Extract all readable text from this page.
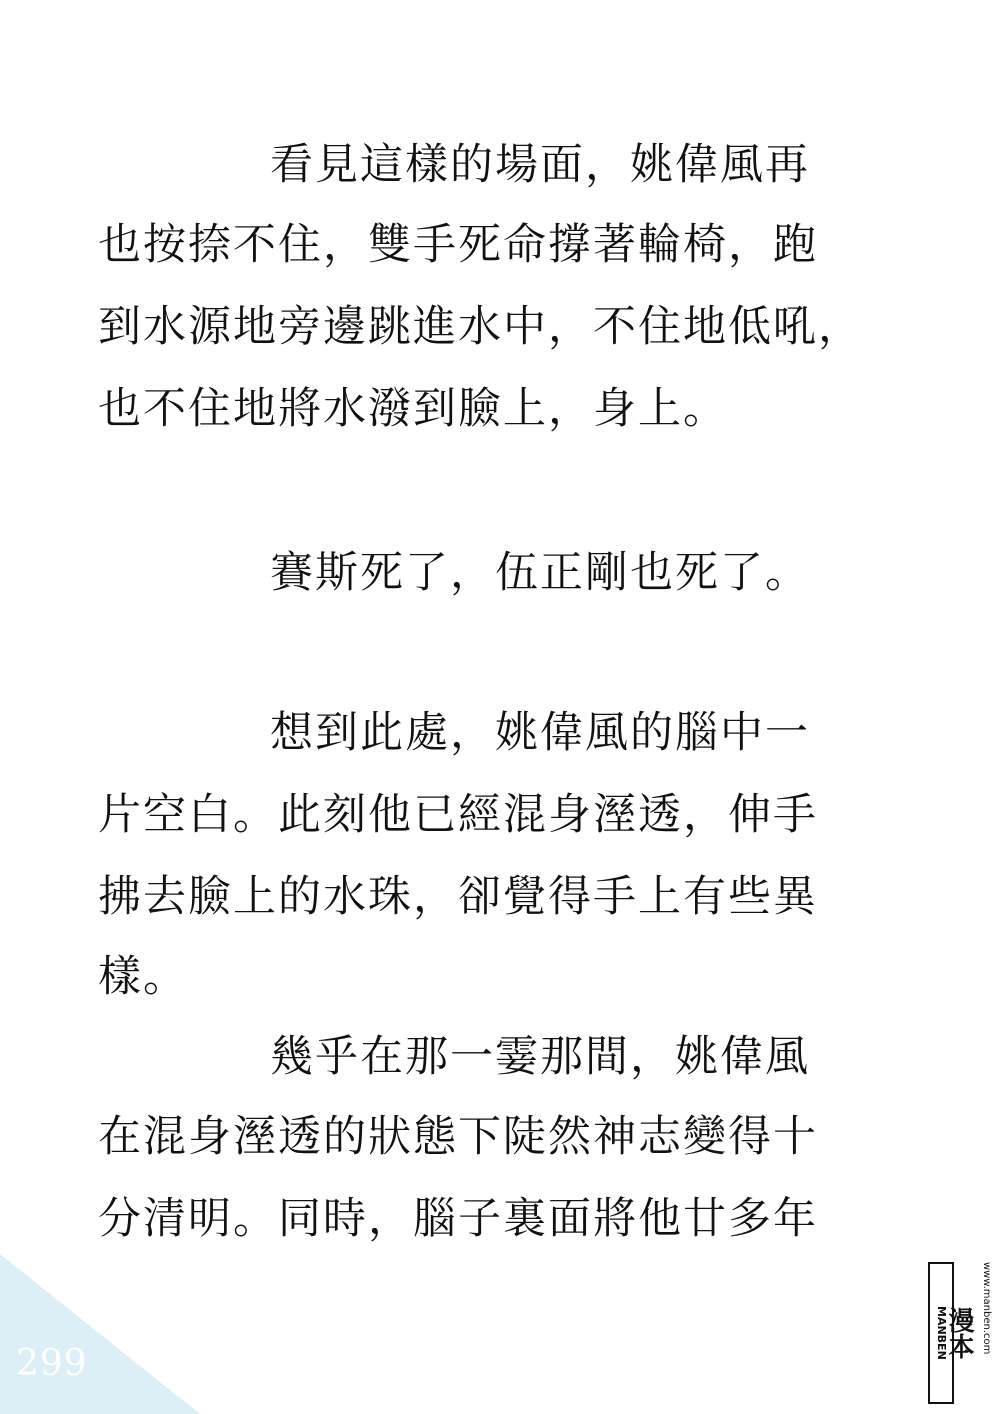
看見這樣的場面，姚偉風再
也按捺不住，雙手死命撐著輪椅，跑
到水源地旁邊跳進水中，不住地低吼，
也不住地將水潑到臉上，身上。
賽斯死了，伍正剛也死了。
想到此處，姚偉風的腦中一
片空白。此刻他已經混身溼透，伸手
拂去臉上的水珠，卻覺得手上有些異
樣。
幾乎在那一霎那間，姚偉風
在混身溼透的狀態下陡然神志變得十
分清明。同時，腦子裏面將他廿多年
299
MANBEN
漫本 www.manben.com
